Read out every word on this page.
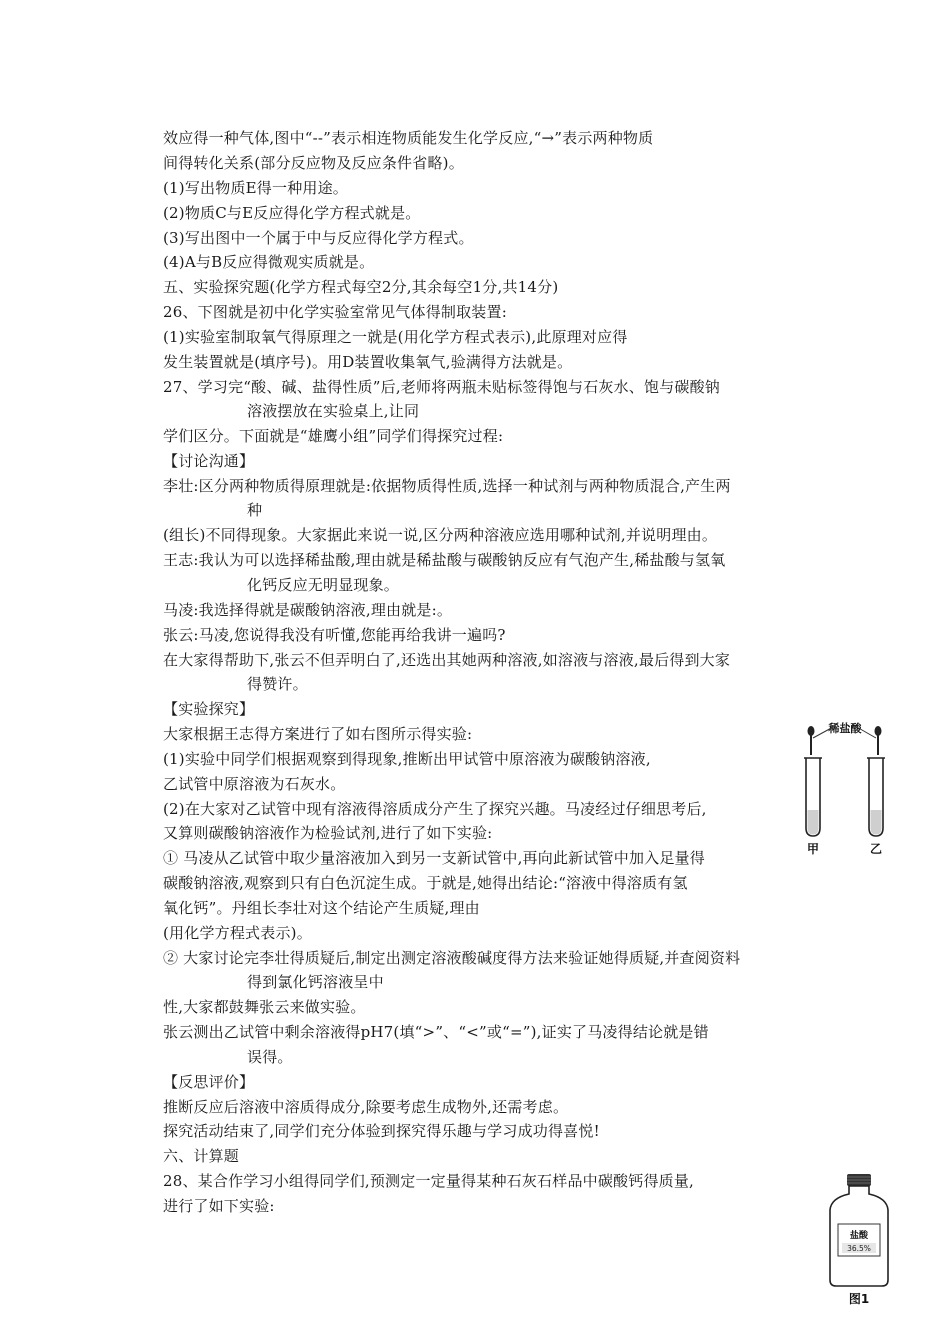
效应得一种气体,图中“--”表示相连物质能发生化学反应,“→”表示两种物质
间得转化关系(部分反应物及反应条件省略)。
(1)写出物质E得一种用途。
(2)物质C与E反应得化学方程式就是。
(3)写出图中一个属于中与反应得化学方程式。
(4)A与B反应得微观实质就是。
五、实验探究题(化学方程式每空2分,其余每空1分,共14分)
26、下图就是初中化学实验室常见气体得制取装置:
(1)实验室制取氧气得原理之一就是(用化学方程式表示),此原理对应得
发生装置就是(填序号)。用D装置收集氧气,验满得方法就是。
27、学习完“酸、碱、盐得性质”后,老师将两瓶未贴标签得饱与石灰水、饱与碳酸钠
溶液摆放在实验桌上,让同
学们区分。下面就是“雄鹰小组”同学们得探究过程:
【讨论沟通】
李壮:区分两种物质得原理就是:依据物质得性质,选择一种试剂与两种物质混合,产生两
种
(组长)不同得现象。大家据此来说一说,区分两种溶液应选用哪种试剂,并说明理由。
王志:我认为可以选择稀盐酸,理由就是稀盐酸与碳酸钠反应有气泡产生,稀盐酸与氢氧
化钙反应无明显现象。
马凌:我选择得就是碳酸钠溶液,理由就是:。
张云:马凌,您说得我没有听懂,您能再给我讲一遍吗?
在大家得帮助下,张云不但弄明白了,还选出其她两种溶液,如溶液与溶液,最后得到大家
得赞许。
【实验探究】
大家根据王志得方案进行了如右图所示得实验:
(1)实验中同学们根据观察到得现象,推断出甲试管中原溶液为碳酸钠溶液,
乙试管中原溶液为石灰水。
(2)在大家对乙试管中现有溶液得溶质成分产生了探究兴趣。马凌经过仔细思考后,
又算则碳酸钠溶液作为检验试剂,进行了如下实验:
① 马凌从乙试管中取少量溶液加入到另一支新试管中,再向此新试管中加入足量得
碳酸钠溶液,观察到只有白色沉淀生成。于就是,她得出结论:“溶液中得溶质有氢
氧化钙”。丹组长李壮对这个结论产生质疑,理由
(用化学方程式表示)。
② 大家讨论完李壮得质疑后,制定出测定溶液酸碱度得方法来验证她得质疑,并查阅资料
得到氯化钙溶液呈中
性,大家都鼓舞张云来做实验。
张云测出乙试管中剩余溶液得pH7(填“>”、“<”或“=”),证实了马凌得结论就是错
误得。
【反思评价】
推断反应后溶液中溶质得成分,除要考虑生成物外,还需考虑。
探究活动结束了,同学们充分体验到探究得乐趣与学习成功得喜悦!
六、计算题
28、某合作学习小组得同学们,预测定一定量得某种石灰石样品中碳酸钙得质量,
进行了如下实验:
稀盐酸
甲	乙
盐酸
36.5%
图1
